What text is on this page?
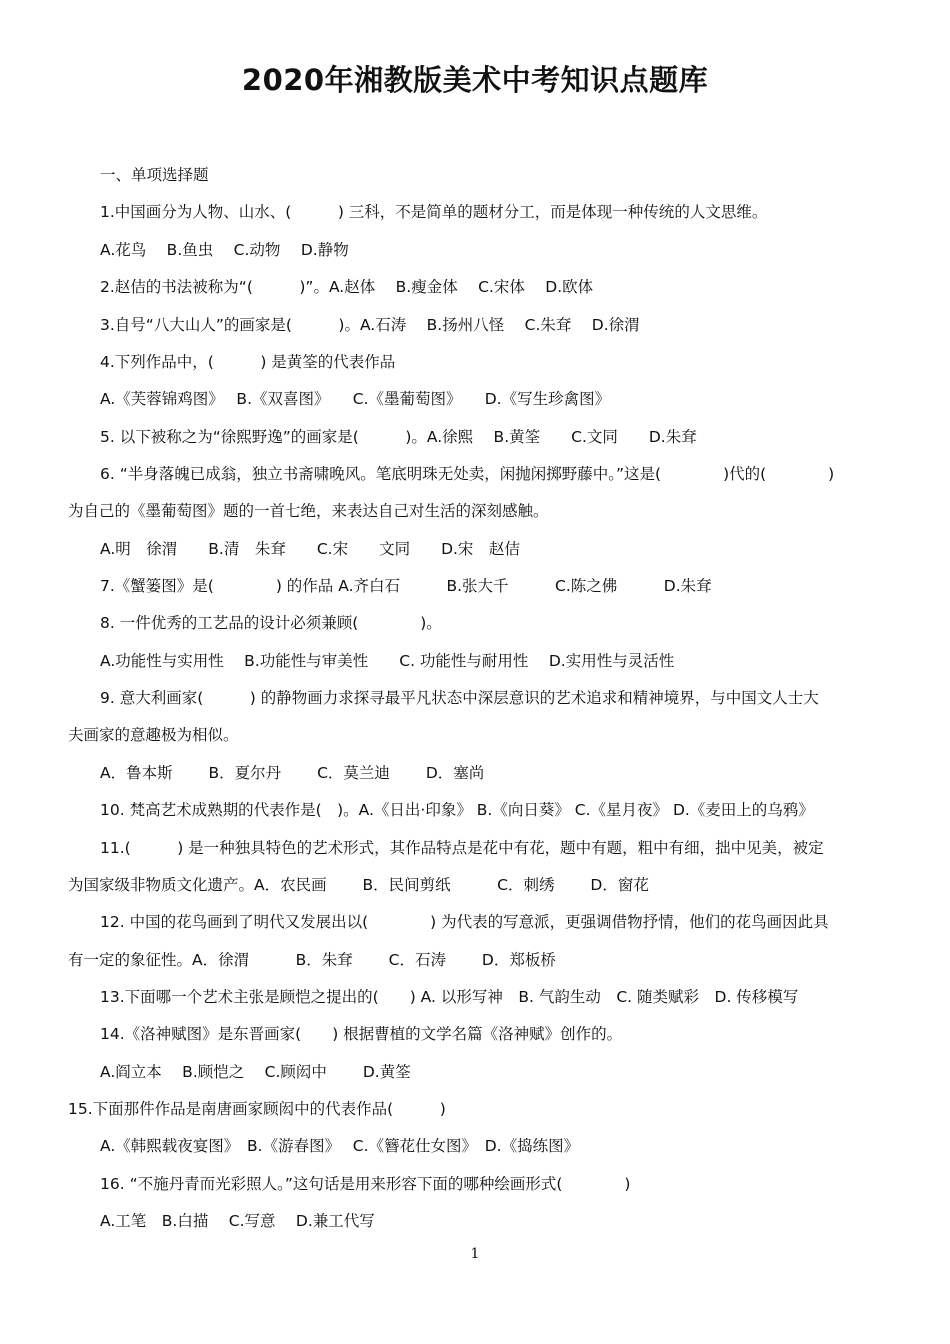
2020年湘教版美术中考知识点题库
一、单项选择题
1.中国画分为人物、山水、(　　　) 三科，不是简单的题材分工，而是体现一种传统的人文思维。
A.花鸟　 B.鱼虫　 C.动物　 D.静物
2.赵佶的书法被称为“(　　　)”。A.赵体　 B.瘦金体　 C.宋体　 D.欧体
3.自号“八大山人”的画家是(　　　)。A.石涛　 B.扬州八怪　 C.朱耷　 D.徐渭
4.下列作品中，(　　　) 是黄筌的代表作品
A.《芙蓉锦鸡图》　 B.《双喜图》　　C.《墨葡萄图》　　D.《写生珍禽图》
5. 以下被称之为“徐熙野逸”的画家是(　　　)。A.徐熙　 B.黄筌　　C.文同　　D.朱耷
6. “半身落魄已成翁，独立书斋啸晚风。笔底明珠无处卖，闲抛闲掷野藤中。”这是(　　　　)代的(　　　　)
为自己的《墨葡萄图》题的一首七绝，来表达自己对生活的深刻感触。
A.明　徐渭　　B.清　朱耷　　C.宋　　文同　　D.宋　赵佶
7.《蟹篓图》是(　　　　) 的作品 A.齐白石　　　B.张大千　　　C.陈之佛　　　D.朱耷
8. 一件优秀的工艺品的设计必须兼顾(　　　　)。
A.功能性与实用性　 B.功能性与审美性　　C. 功能性与耐用性　 D.实用性与灵活性
9. 意大利画家(　　　) 的静物画力求探寻最平凡状态中深层意识的艺术追求和精神境界，与中国文人士大
夫画家的意趣极为相似。
A．鲁本斯　　 B．夏尔丹　　 C．莫兰迪　　 D．塞尚
10. 梵高艺术成熟期的代表作是(　)。A.《日出·印象》 B.《向日葵》 C.《星月夜》 D.《麦田上的乌鸦》
11.(　　　) 是一种独具特色的艺术形式，其作品特点是花中有花，题中有题，粗中有细，拙中见美，被定
为国家级非物质文化遗产。A．农民画　　 B．民间剪纸　　　C．刺绣　　 D．窗花
12. 中国的花鸟画到了明代又发展出以(　　　　) 为代表的写意派，更强调借物抒情，他们的花鸟画因此具
有一定的象征性。A．徐渭　　　B．朱耷　　 C．石涛　　 D．郑板桥
13.下面哪一个艺术主张是顾恺之提出的(　　) A. 以形写神　B. 气韵生动　C. 随类赋彩　D. 传移模写
14.《洛神赋图》是东晋画家(　　) 根据曹植的文学名篇《洛神赋》创作的。
A.阎立本　 B.顾恺之　 C.顾闳中　　 D.黄筌
15.下面那件作品是南唐画家顾闳中的代表作品(　　　)
A.《韩熙载夜宴图》　B.《游春图》　 C.《簪花仕女图》　D.《捣练图》
16. “不施丹青而光彩照人。”这句话是用来形容下面的哪种绘画形式(　　　　)
A.工笔　B.白描　 C.写意　 D.兼工代写
1
